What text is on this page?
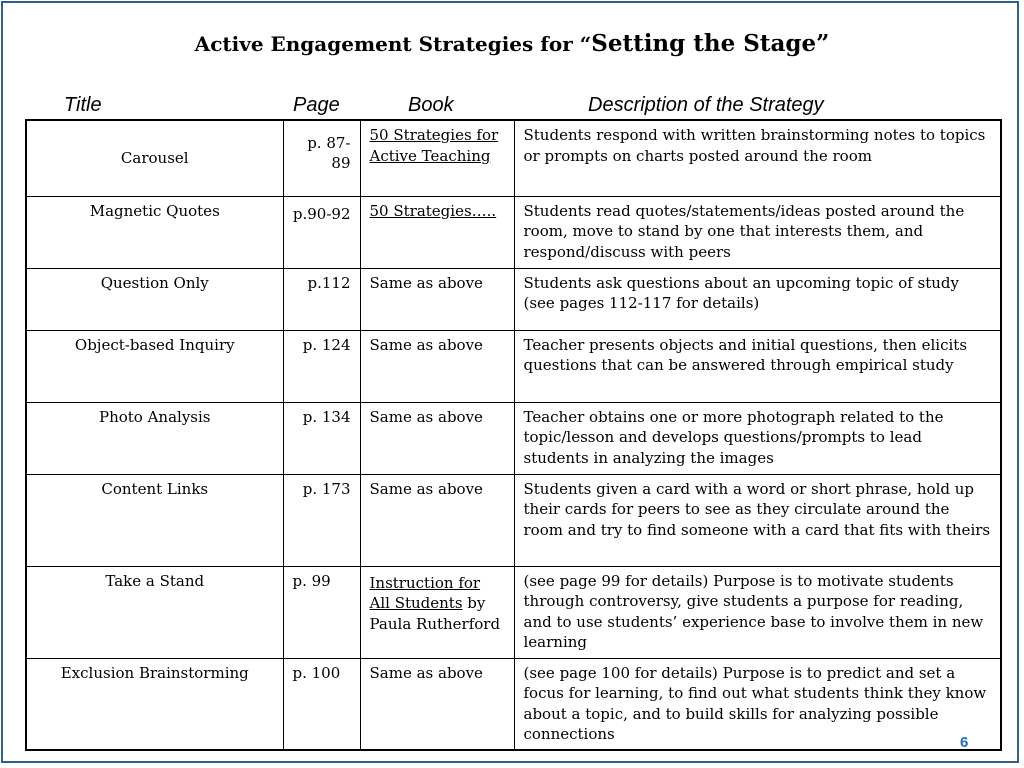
Active Engagement Strategies for “Setting the Stage”
Title	Page	Book	Description of the Strategy
Carousel	p. 87-89	50 Strategies for Active Teaching	Students respond with written brainstorming notes to topics or prompts on charts posted around the room
Magnetic Quotes	p.90-92	50 Strategies…..	Students read quotes/statements/ideas posted around the room, move to stand by one that interests them, and respond/discuss with peers
Question Only	p.112	Same as above	Students ask questions about an upcoming topic of study (see pages 112-117 for details)
Object-based Inquiry	p. 124	Same as above	Teacher presents objects and initial questions, then elicits questions that can be answered through empirical study
Photo Analysis	p. 134	Same as above	Teacher obtains one or more photograph related to the topic/lesson and develops questions/prompts to lead students in analyzing the images
Content Links	p. 173	Same as above	Students given a card with a word or short phrase, hold up their cards for peers to see as they circulate around the room and try to find someone with a card that fits with theirs
Take a Stand	p. 99	Instruction for All Students by Paula Rutherford	(see page 99 for details) Purpose is to motivate students through controversy, give students a purpose for reading, and to use students’ experience base to involve them in new learning
Exclusion Brainstorming	p. 100	Same as above	(see page 100 for details) Purpose is to predict and set a focus for learning, to find out what students think they know about a topic, and to build skills for analyzing possible connections	6
